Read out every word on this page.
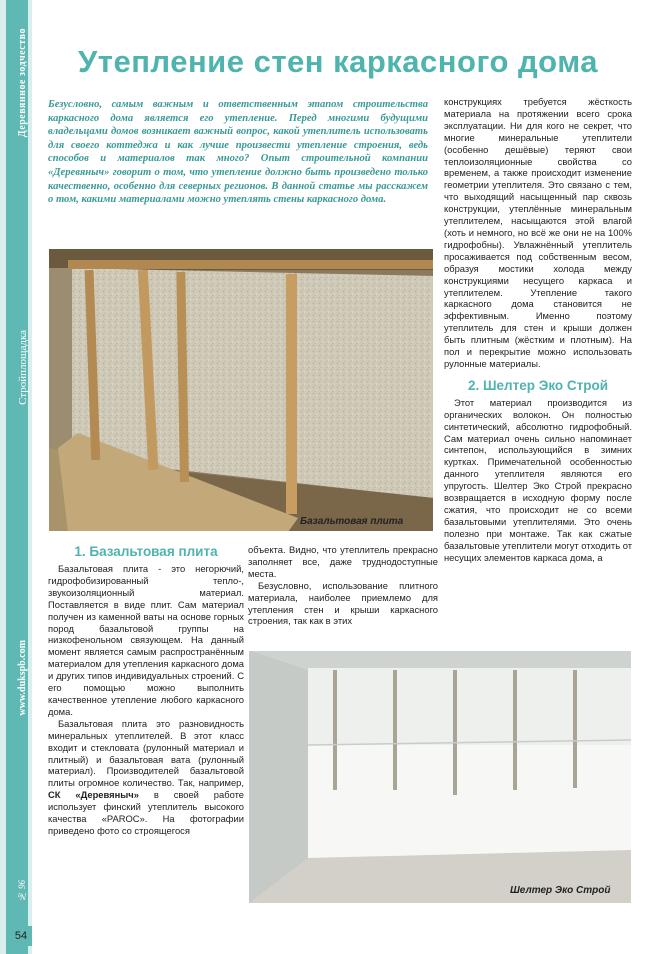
Деревянное зодчество
Стройплощадка
www.dukspb.com
№ 96
54
Утепление стен каркасного дома

Безусловно, самым важным и ответственным этапом строительства каркасного дома является его утепление. Перед многими будущими владельцами домов возникает важный вопрос, какой утеплитель использовать для своего коттеджа и как лучше произвести утепление строения, ведь способов и материалов так много? Опыт строительной компании «Деревяныч» говорит о том, что утепление должно быть произведено только качественно, особенно для северных регионов. В данной статье мы расскажем о том, какими материалами можно утеплять стены каркасного дома.

Базальтовая плита
1. Базальтовая плита

Базальтовая плита - это негорючий, гидрофобизированный тепло-, звукоизоляционный материал. Поставляется в виде плит. Сам материал получен из каменной ваты на основе горных пород базальтовой группы на низкофенольном связующем. На данный момент является самым распространённым материалом для утепления каркасного дома и других типов индивидуальных строений. С его помощью можно выполнить качественное утепление любого каркасного дома.

Базальтовая плита это разновидность минеральных утеплителей. В этот класс входит и стекловата (рулонный материал и плитный) и базальтовая вата (рулонный материал). Производителей базальтовой плиты огромное количество. Так, например, СК «Деревяныч» в своей работе использует финский утеплитель высокого качества «PAROC». На фотографии приведено фото со строящегося

объекта. Видно, что утеплитель прекрасно заполняет все, даже труднодоступные места.

Безусловно, использование плитного материала, наиболее приемлемо для утепления стен и крыши каркасного строения, так как в этих

конструкциях требуется жёсткость материала на протяжении всего срока эксплуатации. Ни для кого не секрет, что многие минеральные утеплители (особенно дешёвые) теряют свои теплоизоляционные свойства со временем, а также происходит изменение геометрии утеплителя. Это связано с тем, что выходящий насыщенный пар сквозь конструкции, утеплённые минеральным утеплителем, насыщаются этой влагой (хоть и немного, но всё же они не на 100% гидрофобны). Увлажнённый утеплитель просаживается под собственным весом, образуя мостики холода между конструкциями несущего каркаса и утеплителем. Утепление такого каркасного дома становится не эффективным. Именно поэтому утеплитель для стен и крыши должен быть плитным (жёстким и плотным). На пол и перекрытие можно использовать рулонные материалы.

2. Шелтер Эко Строй

Этот материал производится из органических волокон. Он полностью синтетический, абсолютно гидрофобный. Сам материал очень сильно напоминает синтепон, использующийся в зимних куртках. Примечательной особенностью данного утеплителя являются его упругость. Шелтер Эко Строй прекрасно возвращается в исходную форму после сжатия, что происходит не со всеми базальтовыми утеплителями. Это очень полезно при монтаже. Так как сжатые базальтовые утеплители могут отходить от несущих элементов каркаса дома, а

Шелтер Эко Строй
